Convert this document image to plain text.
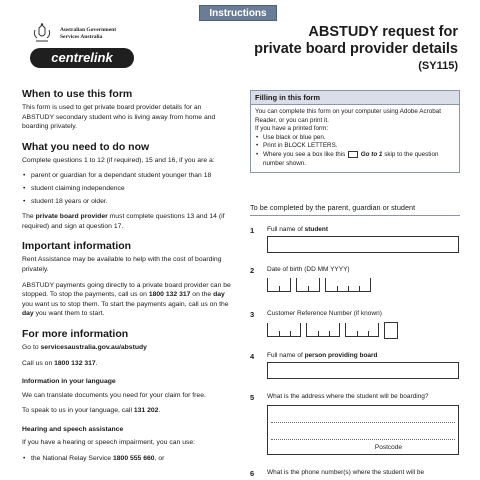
Instructions
Australian Government
Services Australia
centrelink
ABSTUDY request for
private board provider details
(SY115)
When to use this form

This form is used to get private board provider details for an ABSTUDY secondary student who is living away from home and boarding privately.

What you need to do now

Complete questions 1 to 12 (if required), 15 and 16, if you are a:

• parent or guardian for a dependant student younger than 18
• student claiming independence
• student 18 years or older.

The private board provider must complete questions 13 and 14 (if required) and sign at question 17.

Important information

Rent Assistance may be available to help with the cost of boarding privately.

ABSTUDY payments going directly to a private board provider can be stopped. To stop the payments, call us on 1800 132 317 on the day you want us to stop them. To start the payments again, call us on the day you want them to start.

For more information

Go to servicesaustralia.gov.au/abstudy

Call us on 1800 132 317.

Information in your language

We can translate documents you need for your claim for free.

To speak to us in your language, call 131 202.

Hearing and speech assistance

If you have a hearing or speech impairment, you can use:

• the National Relay Service 1800 555 660, or
Filling in this form
You can complete this form on your computer using Adobe Acrobat Reader, or you can print it.
If you have a printed form:
• Use black or blue pen.
• Print in BLOCK LETTERS.
• Where you see a box like this  Go to 1 skip to the question number shown.
To be completed by the parent, guardian or student
1 Full name of student
2 Date of birth (DD MM YYYY)
3 Customer Reference Number (if known)
4 Full name of person providing board
5 What is the address where the student will be boarding?
Postcode
6 What is the phone number(s) where the student will be
